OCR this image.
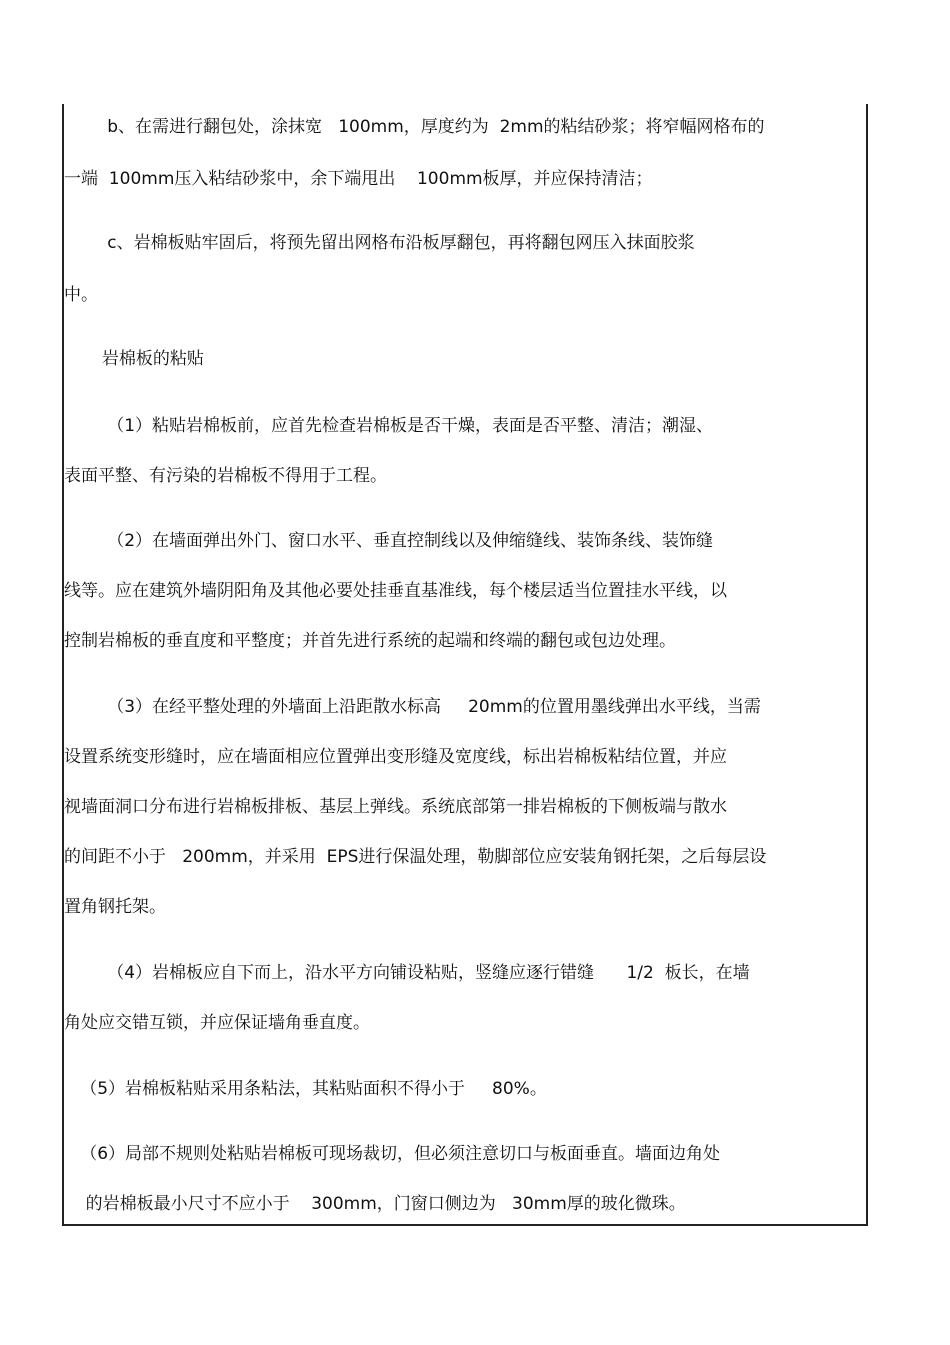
b、在需进行翻包处，涂抹宽   100mm，厚度约为  2mm的粘结砂浆；将窄幅网格布的
一端  100mm压入粘结砂浆中，余下端甩出    100mm板厚，并应保持清洁；
c、岩棉板贴牢固后，将预先留出网格布沿板厚翻包，再将翻包网压入抹面胶浆
中。
岩棉板的粘贴
（1）粘贴岩棉板前，应首先检查岩棉板是否干燥，表面是否平整、清洁；潮湿、
表面平整、有污染的岩棉板不得用于工程。
（2）在墙面弹出外门、窗口水平、垂直控制线以及伸缩缝线、装饰条线、装饰缝
线等。应在建筑外墙阴阳角及其他必要处挂垂直基准线，每个楼层适当位置挂水平线，以
控制岩棉板的垂直度和平整度；并首先进行系统的起端和终端的翻包或包边处理。
（3）在经平整处理的外墙面上沿距散水标高     20mm的位置用墨线弹出水平线，当需
设置系统变形缝时，应在墙面相应位置弹出变形缝及宽度线，标出岩棉板粘结位置，并应
视墙面洞口分布进行岩棉板排板、基层上弹线。系统底部第一排岩棉板的下侧板端与散水
的间距不小于   200mm，并采用  EPS进行保温处理，勒脚部位应安装角钢托架，之后每层设
置角钢托架。
（4）岩棉板应自下而上，沿水平方向铺设粘贴，竖缝应逐行错缝      1/2  板长，在墙
角处应交错互锁，并应保证墙角垂直度。
（5）岩棉板粘贴采用条粘法，其粘贴面积不得小于     80%。
（6）局部不规则处粘贴岩棉板可现场裁切，但必须注意切口与板面垂直。墙面边角处
的岩棉板最小尺寸不应小于    300mm，门窗口侧边为   30mm厚的玻化微珠。
